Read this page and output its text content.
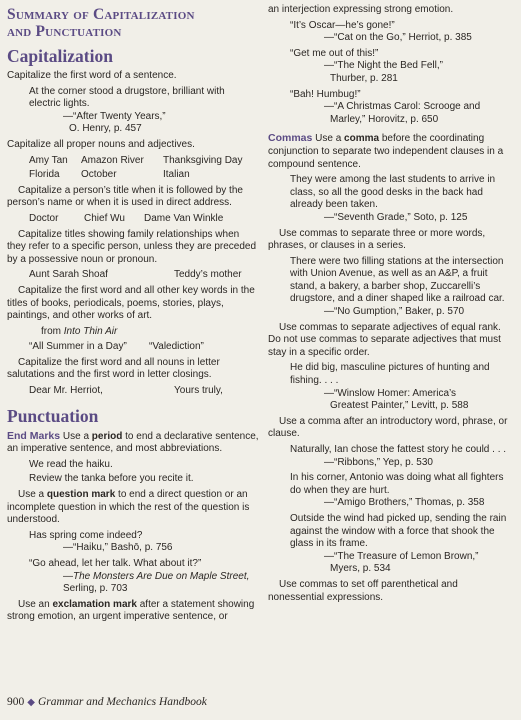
Summary of Capitalization
and Punctuation
Capitalization

Capitalize the first word of a sentence.

At the corner stood a drugstore, brilliant with electric lights.

—“After Twenty Years,”

O. Henry, p. 457

Capitalize all proper nouns and adjectives.

Amy Tan	Amazon River	Thanksgiving Day
Florida	October	Italian

Capitalize a person’s title when it is followed by the person’s name or when it is used in direct address.

Doctor	Chief Wu	Dame Van Winkle

Capitalize titles showing family relationships when they refer to a specific person, unless they are preceded by a possessive noun or pronoun.

Aunt Sarah Shoaf	Teddy’s mother

Capitalize the first word and all other key words in the titles of books, periodicals, poems, stories, plays, paintings, and other works of art.

from Into Thin Air

“All Summer in a Day”	“Valediction”

Capitalize the first word and all nouns in letter salutations and the first word in letter closings.

Dear Mr. Herriot,	Yours truly,
Punctuation

End Marks Use a period to end a declarative sentence, an imperative sentence, and most abbreviations.

We read the haiku.

Review the tanka before you recite it.

Use a question mark to end a direct question or an incomplete question in which the rest of the question is understood.

Has spring come indeed?

—“Haiku,” Bashō, p. 756

“Go ahead, let her talk. What about it?”

—The Monsters Are Due on Maple Street, Serling, p. 703

Use an exclamation mark after a statement showing strong emotion, an urgent imperative sentence, or

an interjection expressing strong emotion.

“It’s Oscar—he’s gone!”

—“Cat on the Go,” Herriot, p. 385

“Get me out of this!”

—“The Night the Bed Fell,”

Thurber, p. 281

“Bah! Humbug!”

—“A Christmas Carol: Scrooge and

Marley,” Horovitz, p. 650

Commas Use a comma before the coordinating conjunction to separate two independent clauses in a compound sentence.

They were among the last students to arrive in class, so all the good desks in the back had already been taken.

—“Seventh Grade,” Soto, p. 125

Use commas to separate three or more words, phrases, or clauses in a series.

There were two filling stations at the intersection with Union Avenue, as well as an A&P, a fruit stand, a bakery, a barber shop, Zuccarelli’s drugstore, and a diner shaped like a railroad car.

—“No Gumption,” Baker, p. 570

Use commas to separate adjectives of equal rank. Do not use commas to separate adjectives that must stay in a specific order.

He did big, masculine pictures of hunting and fishing. . . .

—“Winslow Homer: America’s

Greatest Painter,” Levitt, p. 588

Use a comma after an introductory word, phrase, or clause.

Naturally, Ian chose the fattest story he could . . .

—“Ribbons,” Yep, p. 530

In his corner, Antonio was doing what all fighters do when they are hurt.

—“Amigo Brothers,” Thomas, p. 358

Outside the wind had picked up, sending the rain against the window with a force that shook the glass in its frame.

—“The Treasure of Lemon Brown,”

Myers, p. 534

Use commas to set off parenthetical and nonessential expressions.

900 ◆ Grammar and Mechanics Handbook
